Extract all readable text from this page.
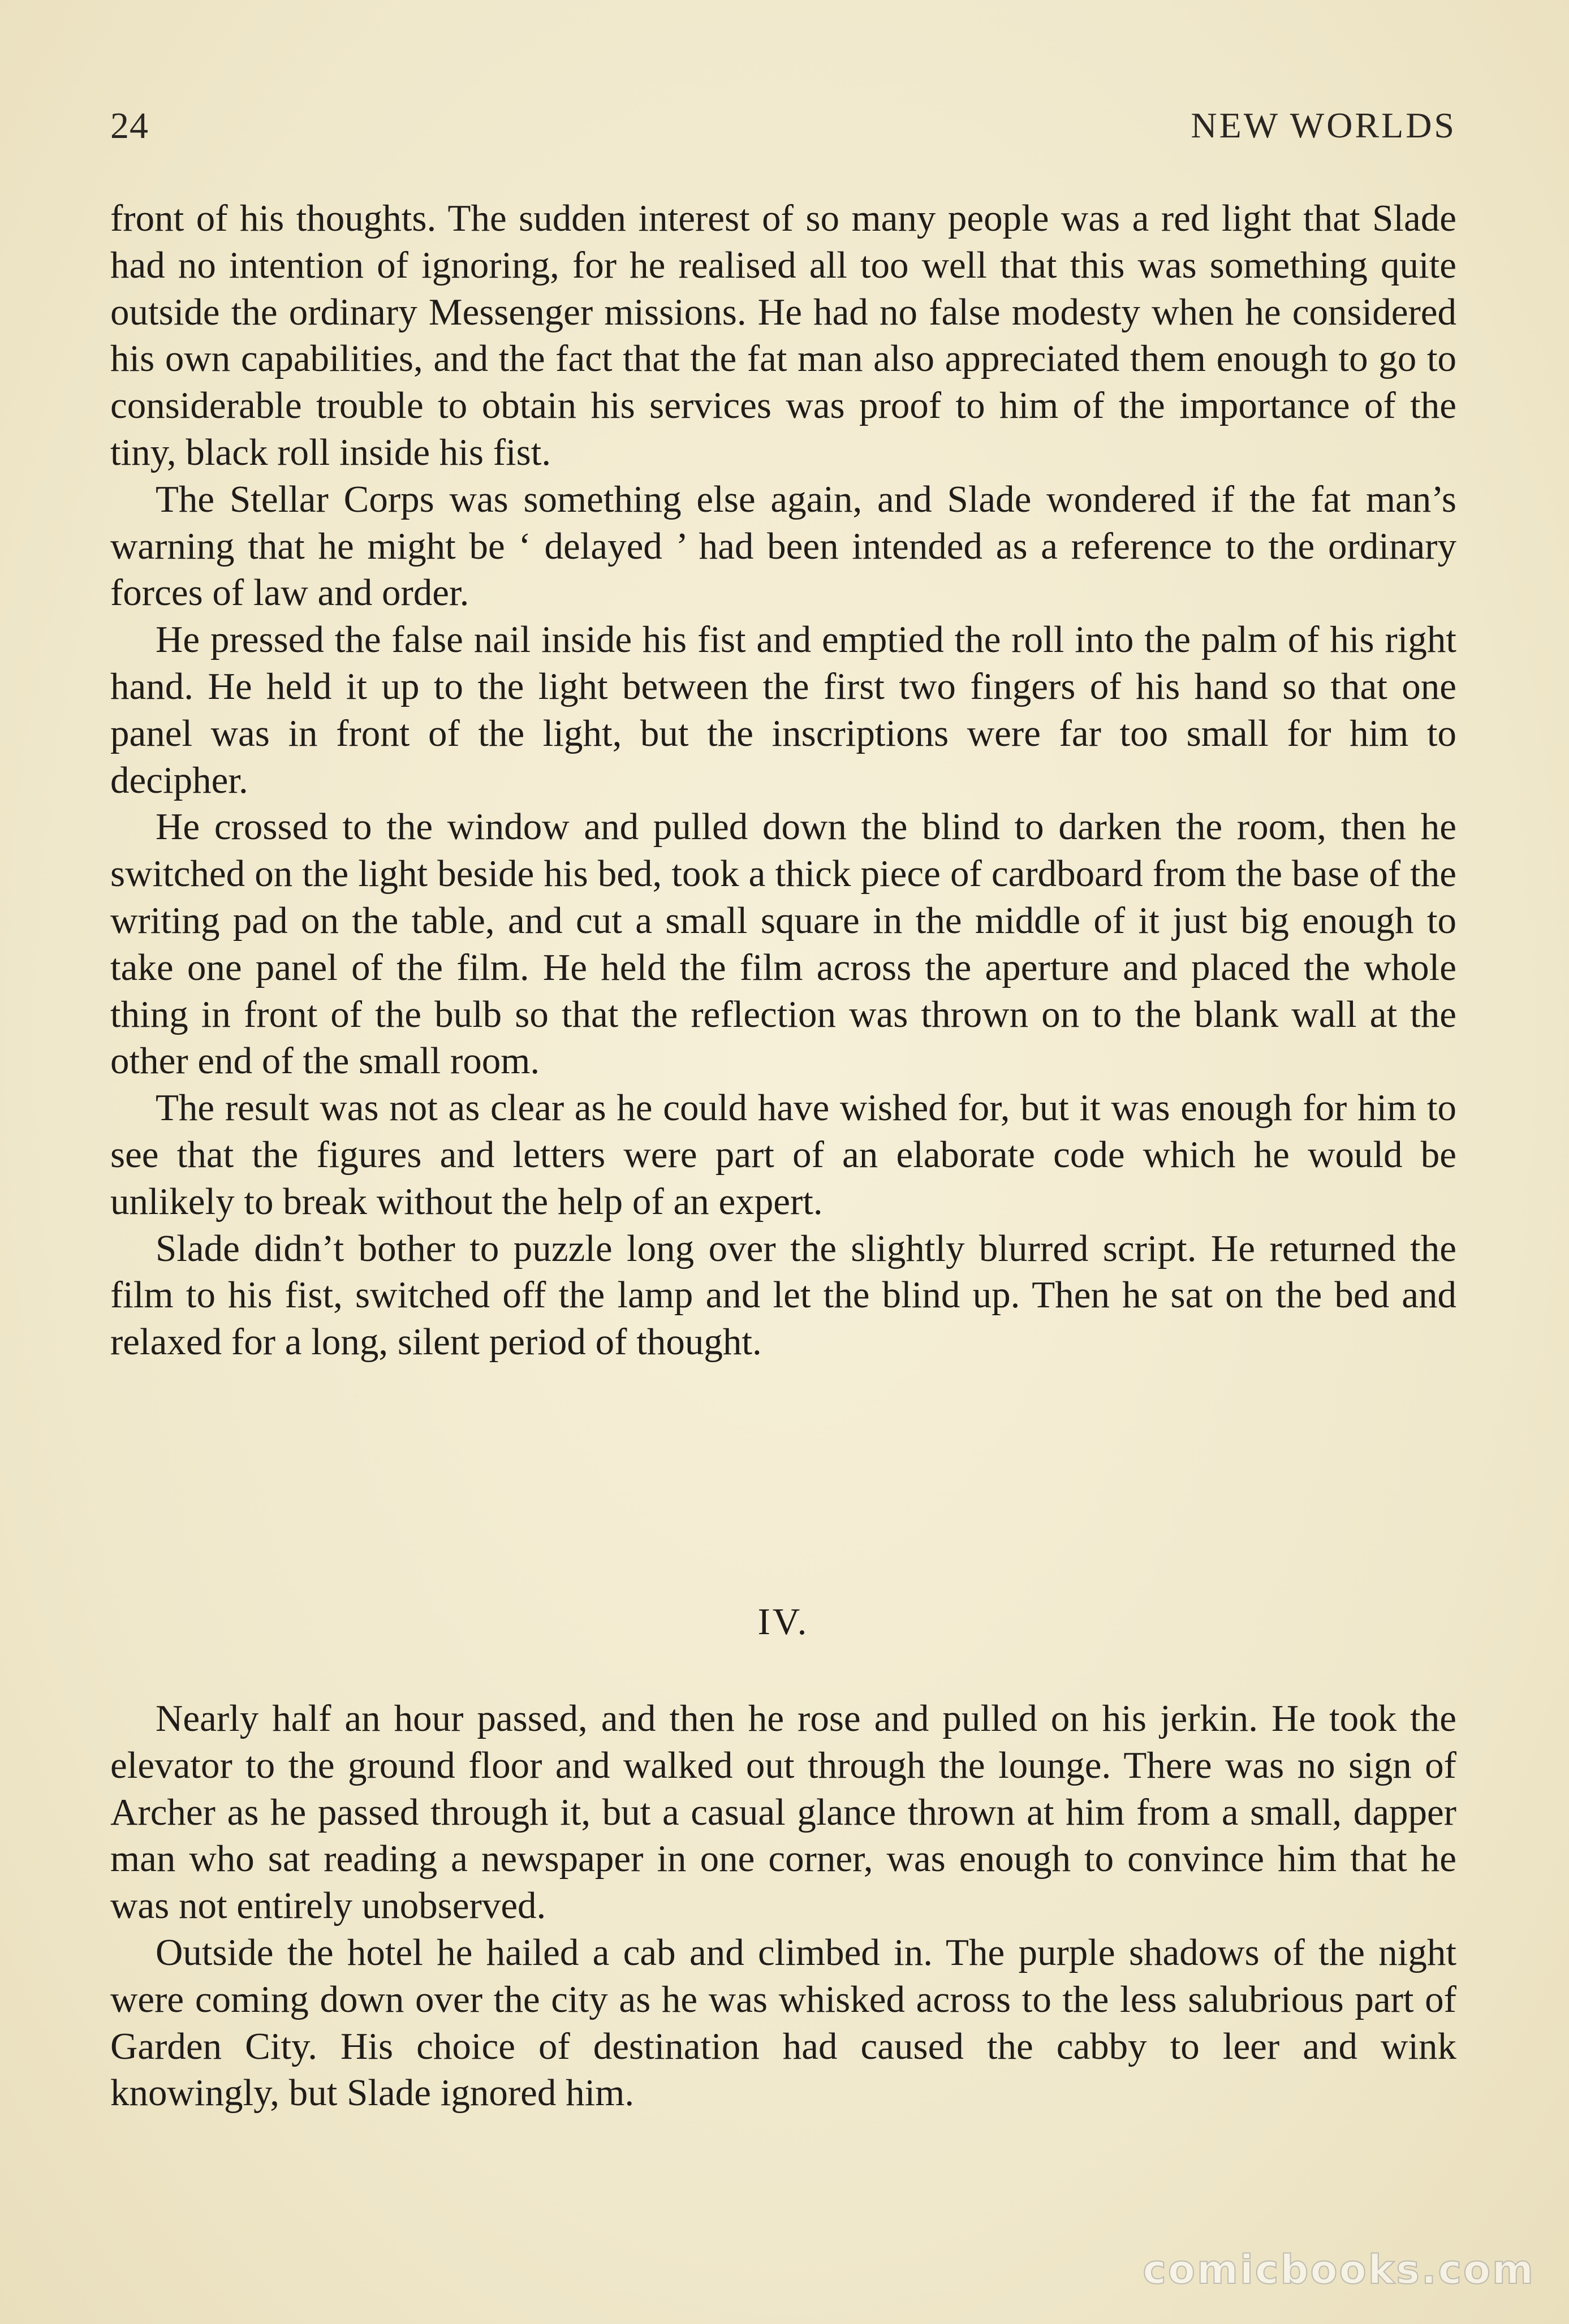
24	NEW WORLDS

front of his thoughts. The sudden interest of so many people was a red light that Slade had no intention of ignoring, for he realised all too well that this was something quite outside the ordinary Messenger missions. He had no false modesty when he considered his own capabilities, and the fact that the fat man also appreciated them enough to go to considerable trouble to obtain his services was proof to him of the importance of the tiny, black roll inside his fist.

The Stellar Corps was something else again, and Slade wondered if the fat man’s warning that he might be ‘ delayed ’ had been intended as a reference to the ordinary forces of law and order.

He pressed the false nail inside his fist and emptied the roll into the palm of his right hand. He held it up to the light between the first two fingers of his hand so that one panel was in front of the light, but the inscriptions were far too small for him to decipher.

He crossed to the window and pulled down the blind to darken the room, then he switched on the light beside his bed, took a thick piece of cardboard from the base of the writing pad on the table, and cut a small square in the middle of it just big enough to take one panel of the film. He held the film across the aperture and placed the whole thing in front of the bulb so that the reflection was thrown on to the blank wall at the other end of the small room.

The result was not as clear as he could have wished for, but it was enough for him to see that the figures and letters were part of an elaborate code which he would be unlikely to break without the help of an expert.

Slade didn’t bother to puzzle long over the slightly blurred script. He returned the film to his fist, switched off the lamp and let the blind up. Then he sat on the bed and relaxed for a long, silent period of thought.

IV.

Nearly half an hour passed, and then he rose and pulled on his jerkin. He took the elevator to the ground floor and walked out through the lounge. There was no sign of Archer as he passed through it, but a casual glance thrown at him from a small, dapper man who sat reading a newspaper in one corner, was enough to convince him that he was not entirely unobserved.

Outside the hotel he hailed a cab and climbed in. The purple shadows of the night were coming down over the city as he was whisked across to the less salubrious part of Garden City. His choice of destination had caused the cabby to leer and wink knowingly, but Slade ignored him.

comicbooks.com
